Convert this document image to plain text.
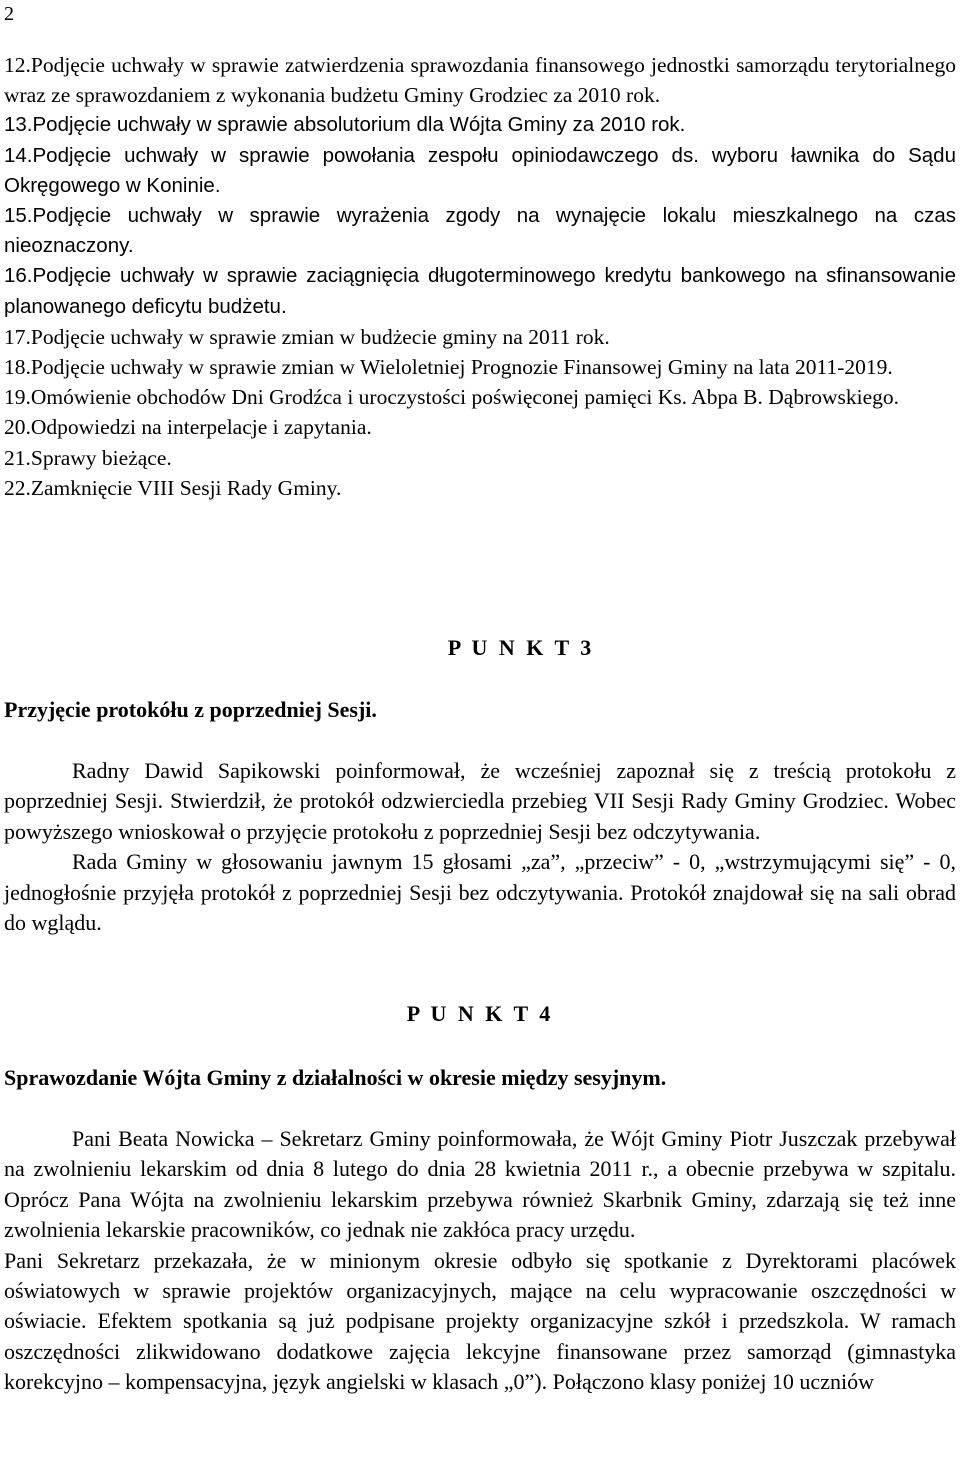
2
12.Podjęcie uchwały w sprawie zatwierdzenia sprawozdania finansowego jednostki samorządu terytorialnego wraz ze sprawozdaniem z wykonania budżetu Gminy Grodziec za 2010 rok.
13.Podjęcie uchwały w sprawie absolutorium dla Wójta Gminy za 2010 rok.
14.Podjęcie uchwały w sprawie powołania zespołu opiniodawczego ds. wyboru ławnika do Sądu Okręgowego w Koninie.
15.Podjęcie uchwały w sprawie wyrażenia zgody na wynajęcie lokalu mieszkalnego na czas nieoznaczony.
16.Podjęcie uchwały w sprawie zaciągnięcia długoterminowego kredytu bankowego na sfinansowanie planowanego deficytu budżetu.
17.Podjęcie uchwały w sprawie zmian w budżecie gminy na 2011 rok.
18.Podjęcie uchwały w sprawie zmian w Wieloletniej Prognozie Finansowej Gminy na lata 2011-2019.
19.Omówienie obchodów Dni Grodźca i uroczystości poświęconej pamięci Ks. Abpa B. Dąbrowskiego.
20.Odpowiedzi na interpelacje i zapytania.
21.Sprawy bieżące.
22.Zamknięcie VIII Sesji Rady Gminy.
P U N K T 3
Przyjęcie protokółu z poprzedniej Sesji.

Radny Dawid Sapikowski poinformował, że wcześniej zapoznał się z treścią protokołu z poprzedniej Sesji. Stwierdził, że protokół odzwierciedla przebieg VII Sesji Rady Gminy Grodziec. Wobec powyższego wnioskował o przyjęcie protokołu z poprzedniej Sesji bez odczytywania.

Rada Gminy w głosowaniu jawnym 15 głosami „za”, „przeciw” - 0, „wstrzymującymi się” - 0, jednogłośnie przyjęła protokół z poprzedniej Sesji bez odczytywania. Protokół znajdował się na sali obrad do wglądu.

P U N K T 4
Sprawozdanie Wójta Gminy z działalności w okresie między sesyjnym.

Pani Beata Nowicka – Sekretarz Gminy poinformowała, że Wójt Gminy Piotr Juszczak przebywał na zwolnieniu lekarskim od dnia 8 lutego do dnia 28 kwietnia 2011 r., a obecnie przebywa w szpitalu. Oprócz Pana Wójta na zwolnieniu lekarskim przebywa również Skarbnik Gminy, zdarzają się też inne zwolnienia lekarskie pracowników, co jednak nie zakłóca pracy urzędu.

Pani Sekretarz przekazała, że w minionym okresie odbyło się spotkanie z Dyrektorami placówek oświatowych w sprawie projektów organizacyjnych, mające na celu wypracowanie oszczędności w oświacie. Efektem spotkania są już podpisane projekty organizacyjne szkół i przedszkola. W ramach oszczędności zlikwidowano dodatkowe zajęcia lekcyjne finansowane przez samorząd (gimnastyka korekcyjno – kompensacyjna, język angielski w klasach „0”). Połączono klasy poniżej 10 uczniów
